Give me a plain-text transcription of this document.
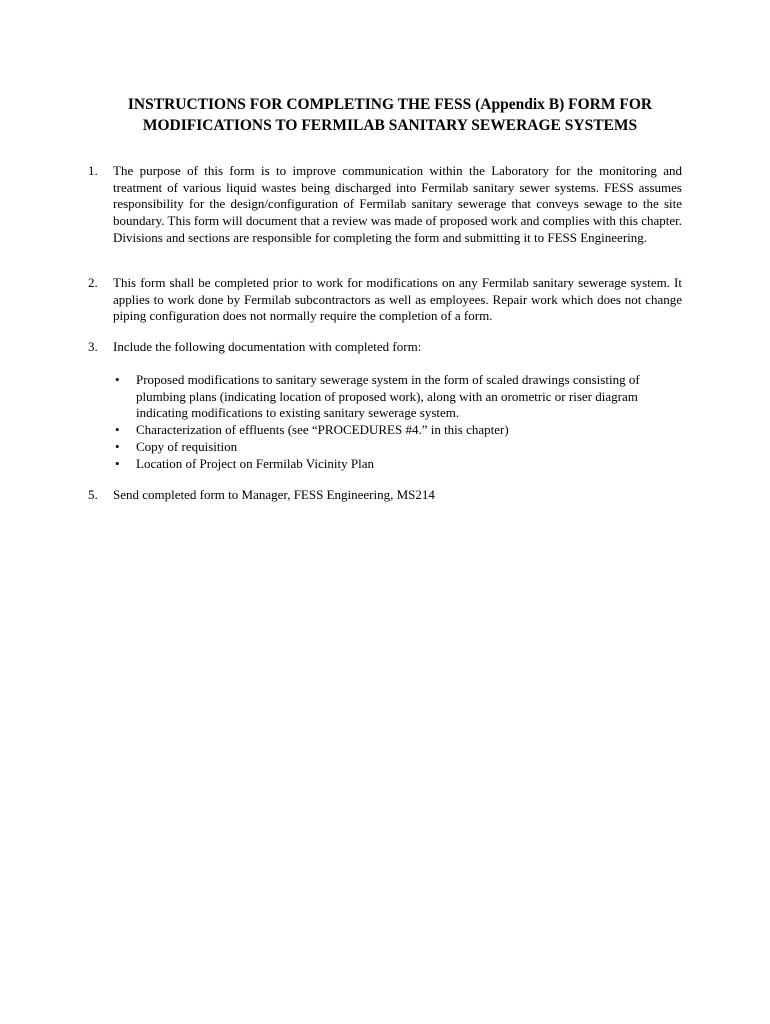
INSTRUCTIONS FOR COMPLETING THE FESS (Appendix B) FORM FOR
MODIFICATIONS TO FERMILAB SANITARY SEWERAGE SYSTEMS
1. The purpose of this form is to improve communication within the Laboratory for the monitoring and treatment of various liquid wastes being discharged into Fermilab sanitary sewer systems. FESS assumes responsibility for the design/configuration of Fermilab sanitary sewerage that conveys sewage to the site boundary. This form will document that a review was made of proposed work and complies with this chapter. Divisions and sections are responsible for completing the form and submitting it to FESS Engineering.
2. This form shall be completed prior to work for modifications on any Fermilab sanitary sewerage system. It applies to work done by Fermilab subcontractors as well as employees. Repair work which does not change piping configuration does not normally require the completion of a form.
3. Include the following documentation with completed form:
• Proposed modifications to sanitary sewerage system in the form of scaled drawings consisting of plumbing plans (indicating location of proposed work), along with an orometric or riser diagram indicating modifications to existing sanitary sewerage system.
• Characterization of effluents (see “PROCEDURES #4.” in this chapter)
• Copy of requisition
• Location of Project on Fermilab Vicinity Plan
5. Send completed form to Manager, FESS Engineering, MS214
